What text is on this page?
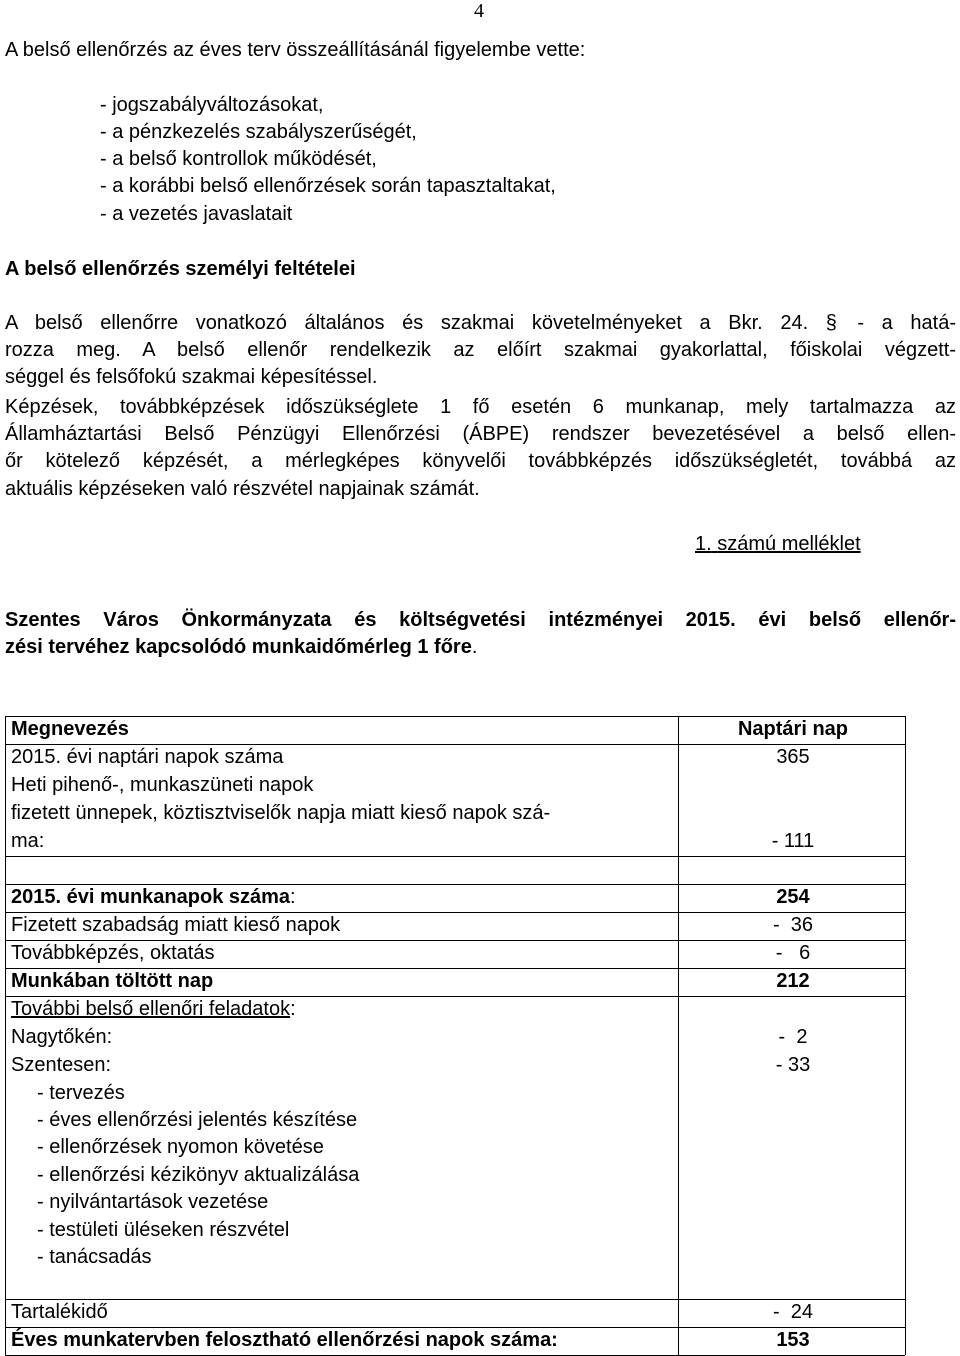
4
A belső ellenőrzés az éves terv összeállításánál figyelembe vette:
- jogszabályváltozásokat,
- a pénzkezelés szabályszerűségét,
- a belső kontrollok működését,
- a korábbi belső ellenőrzések során tapasztaltakat,
- a vezetés javaslatait
A belső ellenőrzés személyi feltételei
A belső ellenőrre vonatkozó általános és szakmai követelményeket a Bkr. 24. § - a hatá-
rozza meg. A belső ellenőr rendelkezik az előírt szakmai gyakorlattal, főiskolai végzett-
séggel és felsőfokú szakmai képesítéssel.
Képzések, továbbképzések időszükséglete 1 fő esetén 6 munkanap, mely tartalmazza az
Államháztartási Belső Pénzügyi Ellenőrzési (ÁBPE) rendszer bevezetésével a belső ellen-
őr kötelező képzését, a mérlegképes könyvelői továbbképzés időszükségletét, továbbá az
aktuális képzéseken való részvétel napjainak számát.
1. számú melléklet
Szentes Város Önkormányzata és költségvetési intézményei 2015. évi belső ellenőr-
zési tervéhez kapcsolódó munkaidőmérleg 1 főre.
Megnevezés	Naptári nap
2015. évi naptári napok száma	365
Heti pihenő-, munkaszüneti napok
fizetett ünnepek, köztisztviselők napja miatt kieső napok szá-
ma:	- 111
2015. évi munkanapok száma:	254
Fizetett szabadság miatt kieső napok	-  36
Továbbképzés, oktatás	-   6
Munkában töltött nap	212
További belső ellenőri feladatok:
Nagytőkén:	-  2
Szentesen:	- 33
- tervezés
- éves ellenőrzési jelentés készítése
- ellenőrzések nyomon követése
- ellenőrzési kézikönyv aktualizálása
- nyilvántartások vezetése
- testületi üléseken részvétel
- tanácsadás
Tartalékidő	-  24
Éves munkatervben felosztható ellenőrzési napok száma:	153
